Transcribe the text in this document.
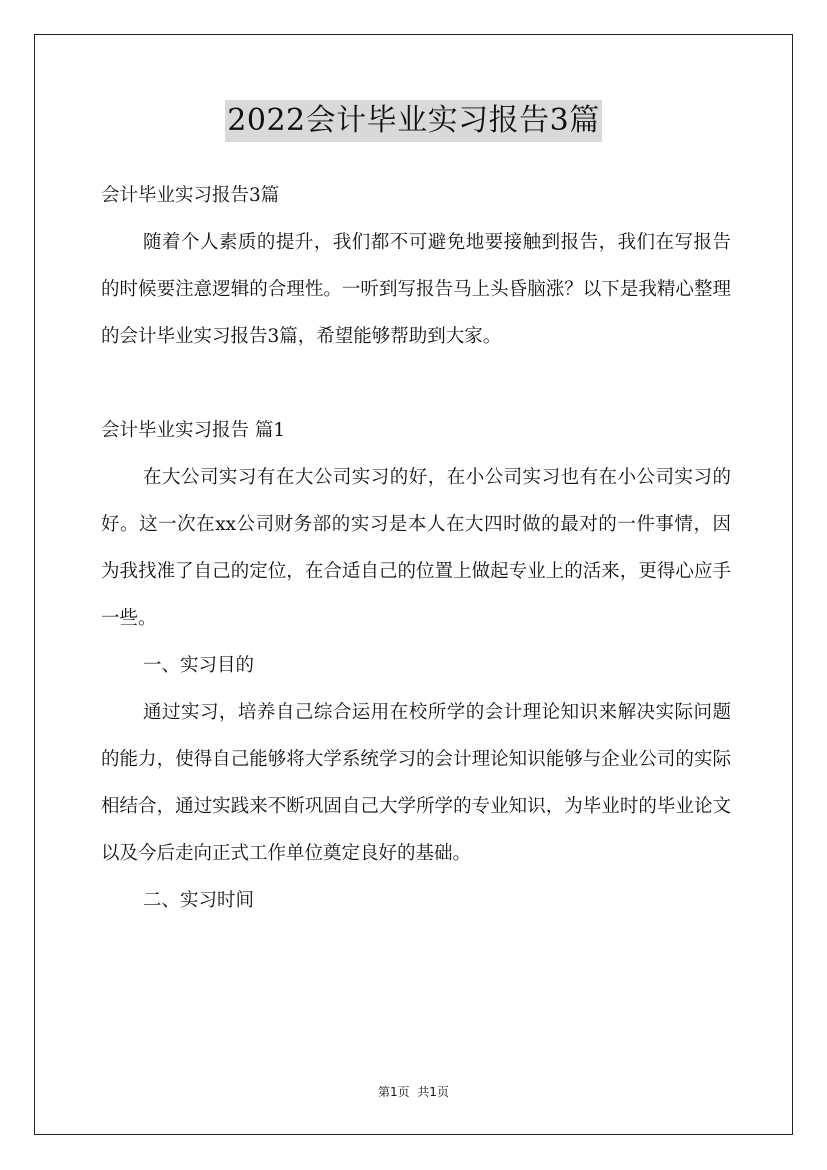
2022会计毕业实习报告3篇

会计毕业实习报告3篇

随着个人素质的提升，我们都不可避免地要接触到报告，我们在写报告的时候要注意逻辑的合理性。一听到写报告马上头昏脑涨？以下是我精心整理的会计毕业实习报告3篇，希望能够帮助到大家。

会计毕业实习报告 篇1

在大公司实习有在大公司实习的好，在小公司实习也有在小公司实习的好。这一次在xx公司财务部的实习是本人在大四时做的最对的一件事情，因为我找准了自己的定位，在合适自己的位置上做起专业上的活来，更得心应手一些。

一、实习目的

通过实习，培养自己综合运用在校所学的会计理论知识来解决实际问题的能力，使得自己能够将大学系统学习的会计理论知识能够与企业公司的实际相结合，通过实践来不断巩固自己大学所学的专业知识，为毕业时的毕业论文以及今后走向正式工作单位奠定良好的基础。

二、实习时间

第1页  共1页
